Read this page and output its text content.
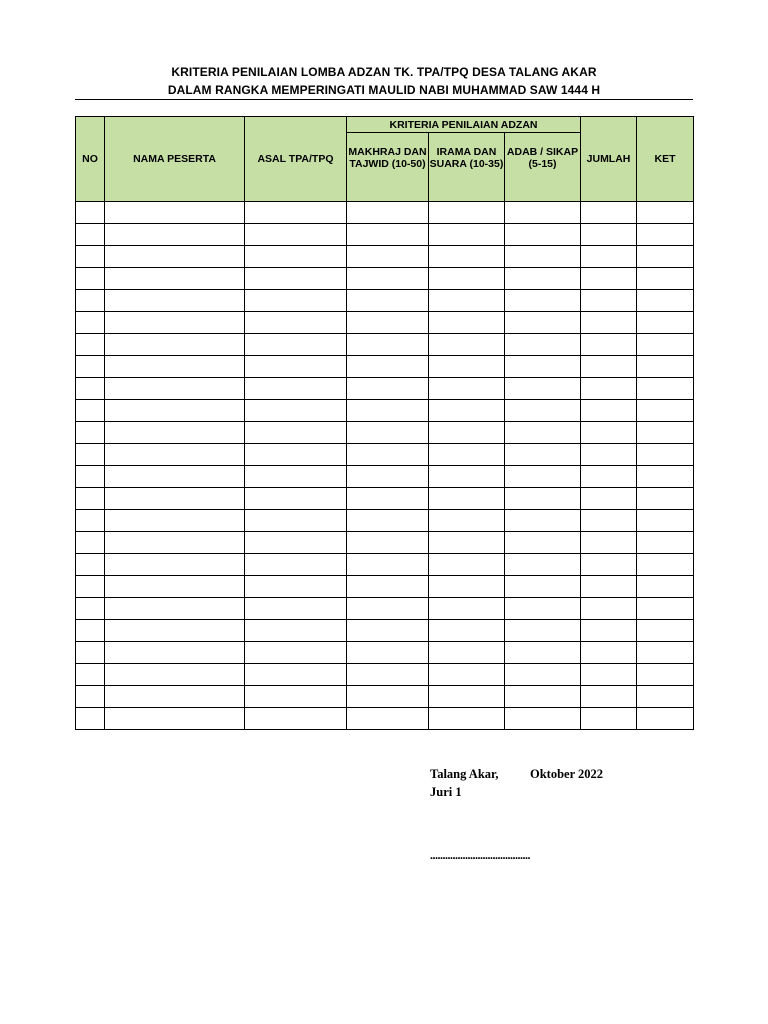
KRITERIA PENILAIAN LOMBA ADZAN TK. TPA/TPQ DESA TALANG AKAR
DALAM RANGKA MEMPERINGATI MAULID NABI MUHAMMAD SAW 1444 H
NO	NAMA PESERTA	ASAL TPA/TPQ	KRITERIA PENILAIAN ADZAN			JUMLAH	KET
			MAKHRAJ DAN TAJWID (10-50)	IRAMA DAN SUARA (10-35)	ADAB / SIKAP (5-15)		

Talang Akar,	Oktober 2022
Juri 1
........................................
